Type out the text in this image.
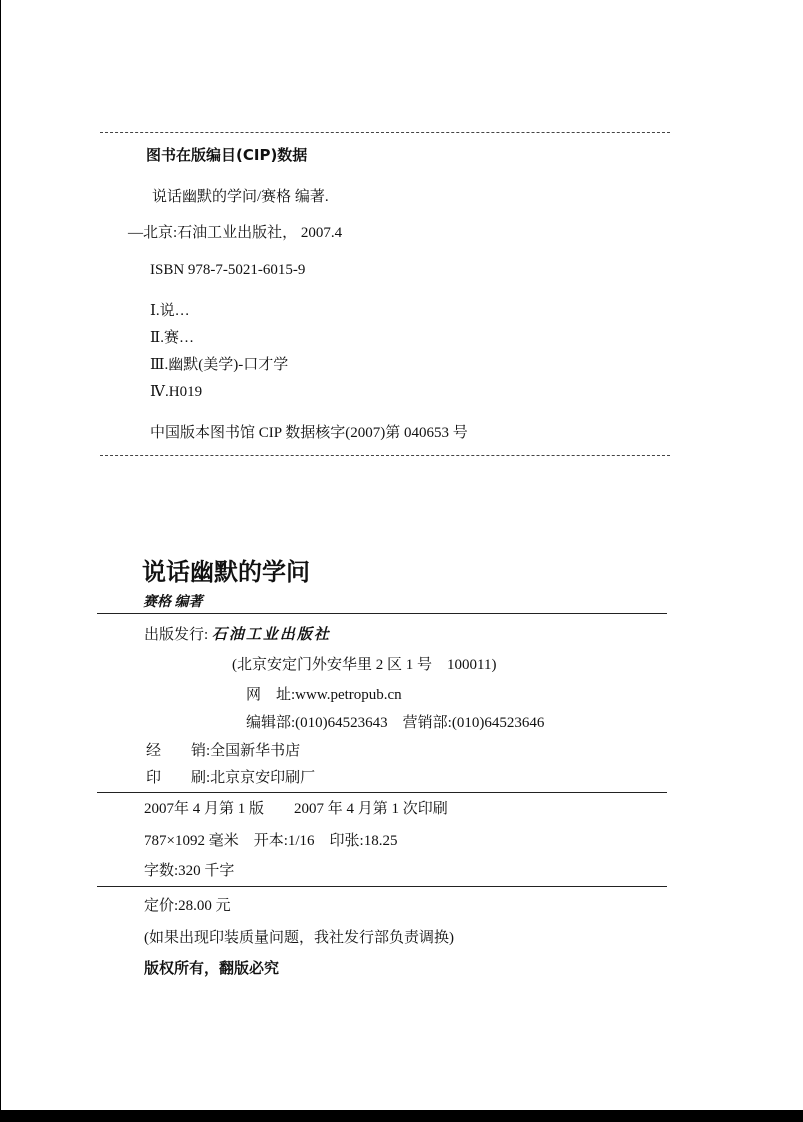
图书在版编目(CIP)数据
说话幽默的学问/赛格 编著.
—北京:石油工业出版社， 2007.4
ISBN 978-7-5021-6015-9
Ⅰ.说…
Ⅱ.赛…
Ⅲ.幽默(美学)-口才学
Ⅳ.H019
中国版本图书馆 CIP 数据核字(2007)第 040653 号
说话幽默的学问
赛格 编著
出版发行: 石油工业出版社
(北京安定门外安华里 2 区 1 号　100011)
网　址:www.petropub.cn
编辑部:(010)64523643　营销部:(010)64523646
经　　销:全国新华书店
印　　刷:北京京安印刷厂
2007年 4 月第 1 版　　2007 年 4 月第 1 次印刷
787×1092 毫米　开本:1/16　印张:18.25
字数:320 千字
定价:28.00 元
(如果出现印装质量问题，我社发行部负责调换)
版权所有，翻版必究
